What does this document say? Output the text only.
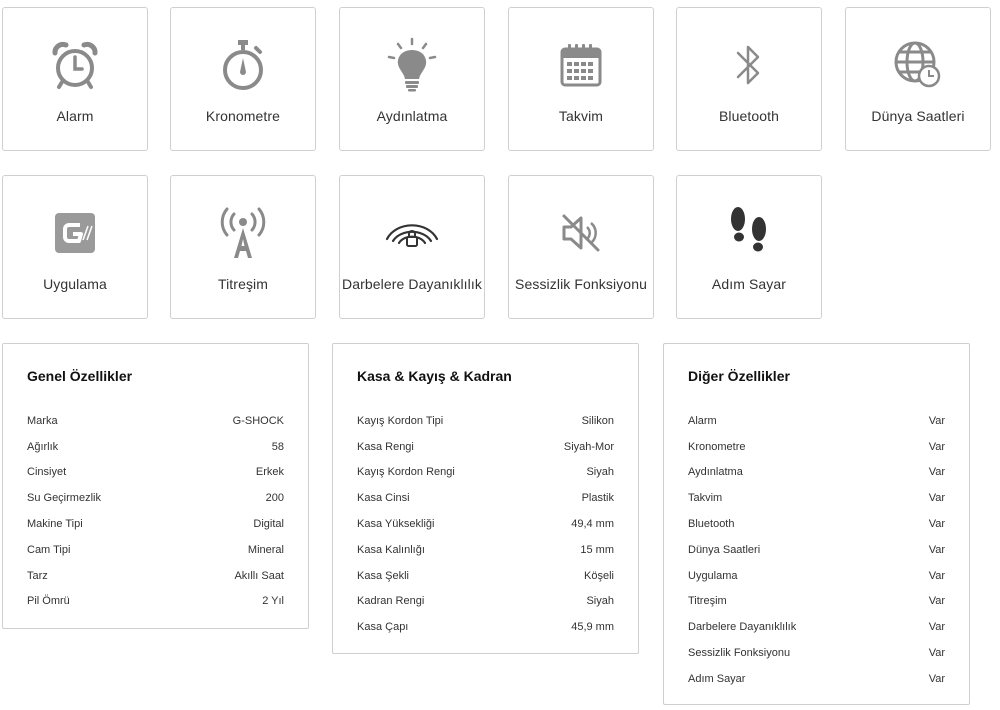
Alarm	Kronometre	Aydınlatma	Takvim	Bluetooth	Dünya Saatleri
Uygulama	Titreşim	Darbelere Dayanıklılık	Sessizlik Fonksiyonu	Adım Sayar
Genel Özellikler
Marka	G-SHOCK
Ağırlık	58
Cinsiyet	Erkek
Su Geçirmezlik	200
Makine Tipi	Digital
Cam Tipi	Mineral
Tarz	Akıllı Saat
Pil Ömrü	2 Yıl
Kasa & Kayış & Kadran
Kayış Kordon Tipi	Silikon
Kasa Rengi	Siyah-Mor
Kayış Kordon Rengi	Siyah
Kasa Cinsi	Plastik
Kasa Yüksekliği	49,4 mm
Kasa Kalınlığı	15 mm
Kasa Şekli	Köşeli
Kadran Rengi	Siyah
Kasa Çapı	45,9 mm
Diğer Özellikler
Alarm	Var
Kronometre	Var
Aydınlatma	Var
Takvim	Var
Bluetooth	Var
Dünya Saatleri	Var
Uygulama	Var
Titreşim	Var
Darbelere Dayanıklılık	Var
Sessizlik Fonksiyonu	Var
Adım Sayar	Var
